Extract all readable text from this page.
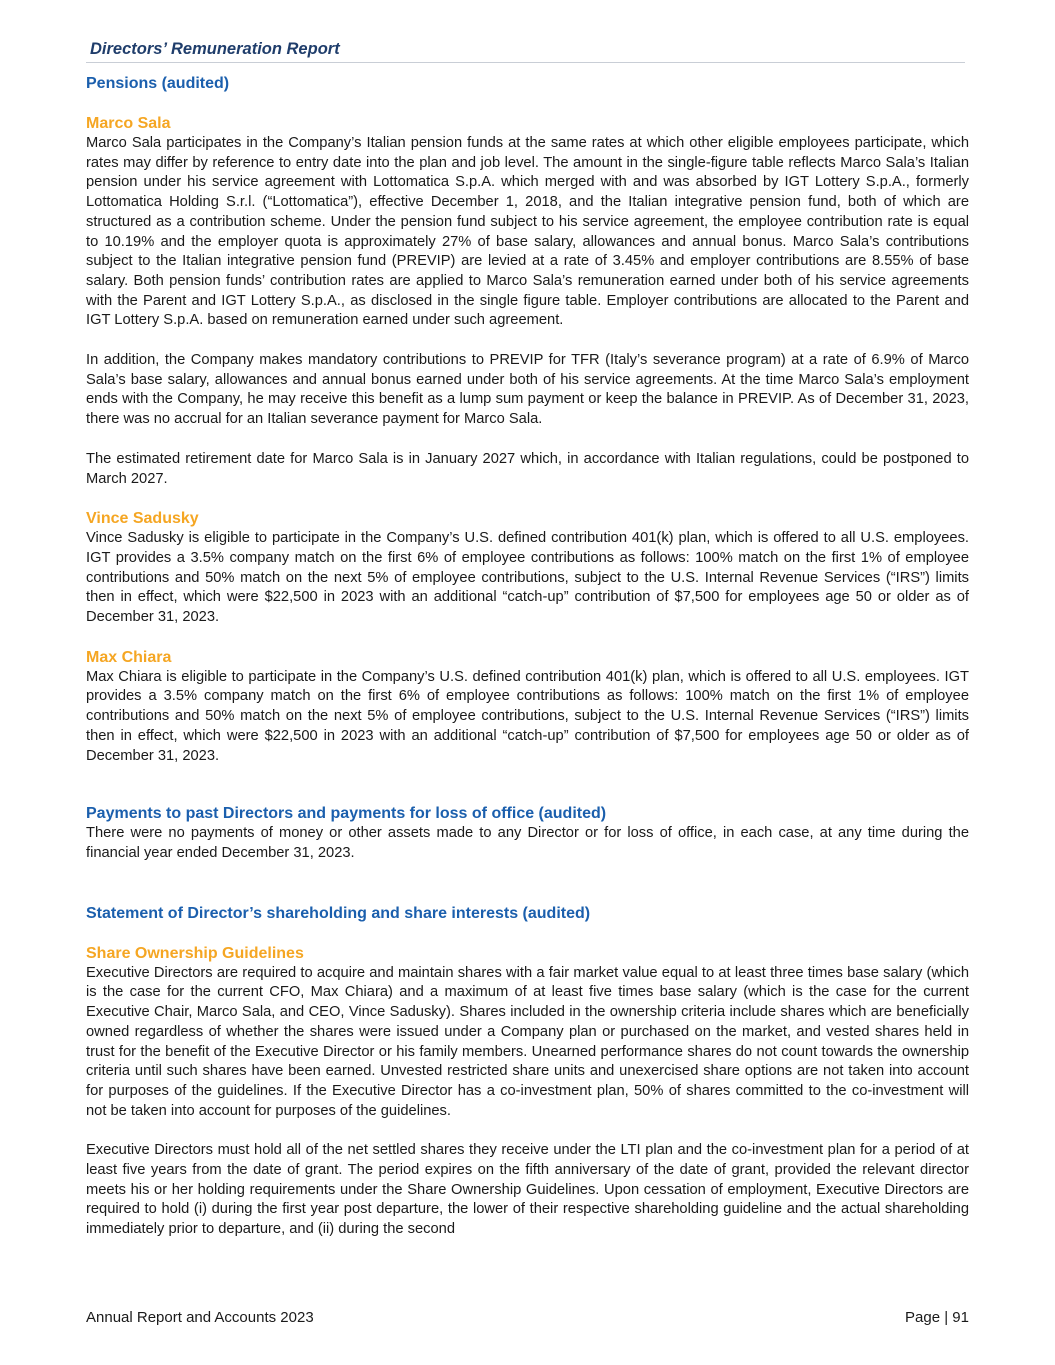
Directors’ Remuneration Report
Pensions (audited)
Marco Sala

Marco Sala participates in the Company’s Italian pension funds at the same rates at which other eligible employees participate, which rates may differ by reference to entry date into the plan and job level. The amount in the single-figure table reflects Marco Sala’s Italian pension under his service agreement with Lottomatica S.p.A. which merged with and was absorbed by IGT Lottery S.p.A., formerly Lottomatica Holding S.r.l. (“Lottomatica”), effective December 1, 2018, and the Italian integrative pension fund, both of which are structured as a contribution scheme. Under the pension fund subject to his service agreement, the employee contribution rate is equal to 10.19% and the employer quota is approximately 27% of base salary, allowances and annual bonus. Marco Sala’s contributions subject to the Italian integrative pension fund (PREVIP) are levied at a rate of 3.45% and employer contributions are 8.55% of base salary. Both pension funds’ contribution rates are applied to Marco Sala’s remuneration earned under both of his service agreements with the Parent and IGT Lottery S.p.A., as disclosed in the single figure table. Employer contributions are allocated to the Parent and IGT Lottery S.p.A. based on remuneration earned under such agreement.

In addition, the Company makes mandatory contributions to PREVIP for TFR (Italy’s severance program) at a rate of 6.9% of Marco Sala’s base salary, allowances and annual bonus earned under both of his service agreements. At the time Marco Sala’s employment ends with the Company, he may receive this benefit as a lump sum payment or keep the balance in PREVIP. As of December 31, 2023, there was no accrual for an Italian severance payment for Marco Sala.

The estimated retirement date for Marco Sala is in January 2027 which, in accordance with Italian regulations, could be postponed to March 2027.

Vince Sadusky

Vince Sadusky is eligible to participate in the Company’s U.S. defined contribution 401(k) plan, which is offered to all U.S. employees. IGT provides a 3.5% company match on the first 6% of employee contributions as follows: 100% match on the first 1% of employee contributions and 50% match on the next 5% of employee contributions, subject to the U.S. Internal Revenue Services (“IRS”) limits then in effect, which were $22,500 in 2023 with an additional “catch-up” contribution of $7,500 for employees age 50 or older as of December 31, 2023.

Max Chiara

Max Chiara is eligible to participate in the Company’s U.S. defined contribution 401(k) plan, which is offered to all U.S. employees. IGT provides a 3.5% company match on the first 6% of employee contributions as follows: 100% match on the first 1% of employee contributions and 50% match on the next 5% of employee contributions, subject to the U.S. Internal Revenue Services (“IRS”) limits then in effect, which were $22,500 in 2023 with an additional “catch-up” contribution of $7,500 for employees age 50 or older as of December 31, 2023.

Payments to past Directors and payments for loss of office (audited)

There were no payments of money or other assets made to any Director or for loss of office, in each case, at any time during the financial year ended December 31, 2023.

Statement of Director’s shareholding and share interests (audited)
Share Ownership Guidelines

Executive Directors are required to acquire and maintain shares with a fair market value equal to at least three times base salary (which is the case for the current CFO, Max Chiara) and a maximum of at least five times base salary (which is the case for the current Executive Chair, Marco Sala, and CEO, Vince Sadusky). Shares included in the ownership criteria include shares which are beneficially owned regardless of whether the shares were issued under a Company plan or purchased on the market, and vested shares held in trust for the benefit of the Executive Director or his family members. Unearned performance shares do not count towards the ownership criteria until such shares have been earned. Unvested restricted share units and unexercised share options are not taken into account for purposes of the guidelines. If the Executive Director has a co-investment plan, 50% of shares committed to the co-investment will not be taken into account for purposes of the guidelines.

Executive Directors must hold all of the net settled shares they receive under the LTI plan and the co-investment plan for a period of at least five years from the date of grant. The period expires on the fifth anniversary of the date of grant, provided the relevant director meets his or her holding requirements under the Share Ownership Guidelines. Upon cessation of employment, Executive Directors are required to hold (i) during the first year post departure, the lower of their respective shareholding guideline and the actual shareholding immediately prior to departure, and (ii) during the second

Annual Report and Accounts 2023	Page | 91
